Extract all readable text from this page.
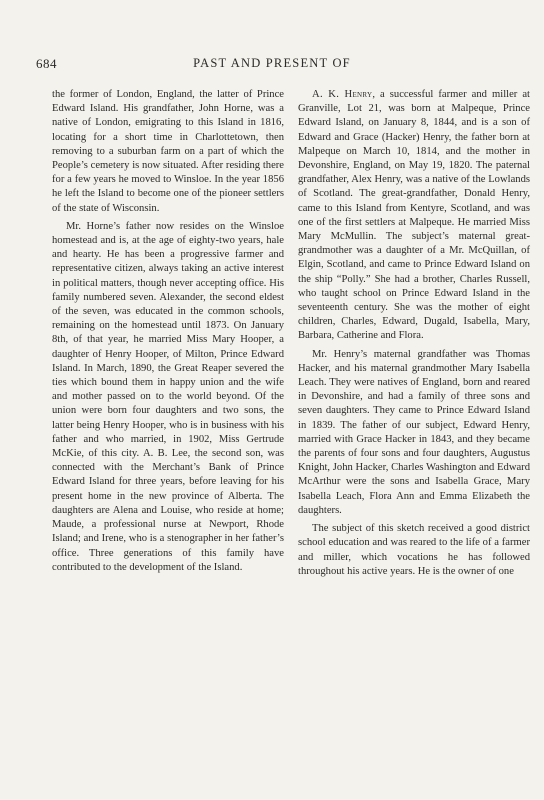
684	PAST AND PRESENT OF

the former of London, England, the latter of Prince Edward Island. His grandfather, John Horne, was a native of London, emigrating to this Island in 1816, locating for a short time in Charlottetown, then removing to a suburban farm on a part of which the People’s cemetery is now situated. After residing there for a few years he moved to Winsloe. In the year 1856 he left the Island to become one of the pioneer settlers of the state of Wisconsin.

Mr. Horne’s father now resides on the Winsloe homestead and is, at the age of eighty-two years, hale and hearty. He has been a progressive farmer and representative citizen, always taking an active interest in political matters, though never accepting office. His family numbered seven. Alexander, the second eldest of the seven, was educated in the common schools, remaining on the homestead until 1873. On January 8th, of that year, he married Miss Mary Hooper, a daughter of Henry Hooper, of Milton, Prince Edward Island. In March, 1890, the Great Reaper severed the ties which bound them in happy union and the wife and mother passed on to the world beyond. Of the union were born four daughters and two sons, the latter being Henry Hooper, who is in business with his father and who married, in 1902, Miss Gertrude McKie, of this city. A. B. Lee, the second son, was connected with the Merchant’s Bank of Prince Edward Island for three years, before leaving for his present home in the new province of Alberta. The daughters are Alena and Louise, who reside at home; Maude, a professional nurse at Newport, Rhode Island; and Irene, who is a stenographer in her father’s office. Three generations of this family have contributed to the development of the Island.

A. K. Henry, a successful farmer and miller at Granville, Lot 21, was born at Malpeque, Prince Edward Island, on January 8, 1844, and is a son of Edward and Grace (Hacker) Henry, the father born at Malpeque on March 10, 1814, and the mother in Devonshire, England, on May 19, 1820. The paternal grandfather, Alex Henry, was a native of the Lowlands of Scotland. The great-grandfather, Donald Henry, came to this Island from Kentyre, Scotland, and was one of the first settlers at Malpeque. He married Miss Mary McMullin. The subject’s maternal great-grandmother was a daughter of a Mr. McQuillan, of Elgin, Scotland, and came to Prince Edward Island on the ship “Polly.” She had a brother, Charles Russell, who taught school on Prince Edward Island in the seventeenth century. She was the mother of eight children, Charles, Edward, Dugald, Isabella, Mary, Barbara, Catherine and Flora.

Mr. Henry’s maternal grandfather was Thomas Hacker, and his maternal grandmother Mary Isabella Leach. They were natives of England, born and reared in Devonshire, and had a family of three sons and seven daughters. They came to Prince Edward Island in 1839. The father of our subject, Edward Henry, married with Grace Hacker in 1843, and they became the parents of four sons and four daughters, Augustus Knight, John Hacker, Charles Washington and Edward McArthur were the sons and Isabella Grace, Mary Isabella Leach, Flora Ann and Emma Elizabeth the daughters.

The subject of this sketch received a good district school education and was reared to the life of a farmer and miller, which vocations he has followed throughout his active years. He is the owner of one
